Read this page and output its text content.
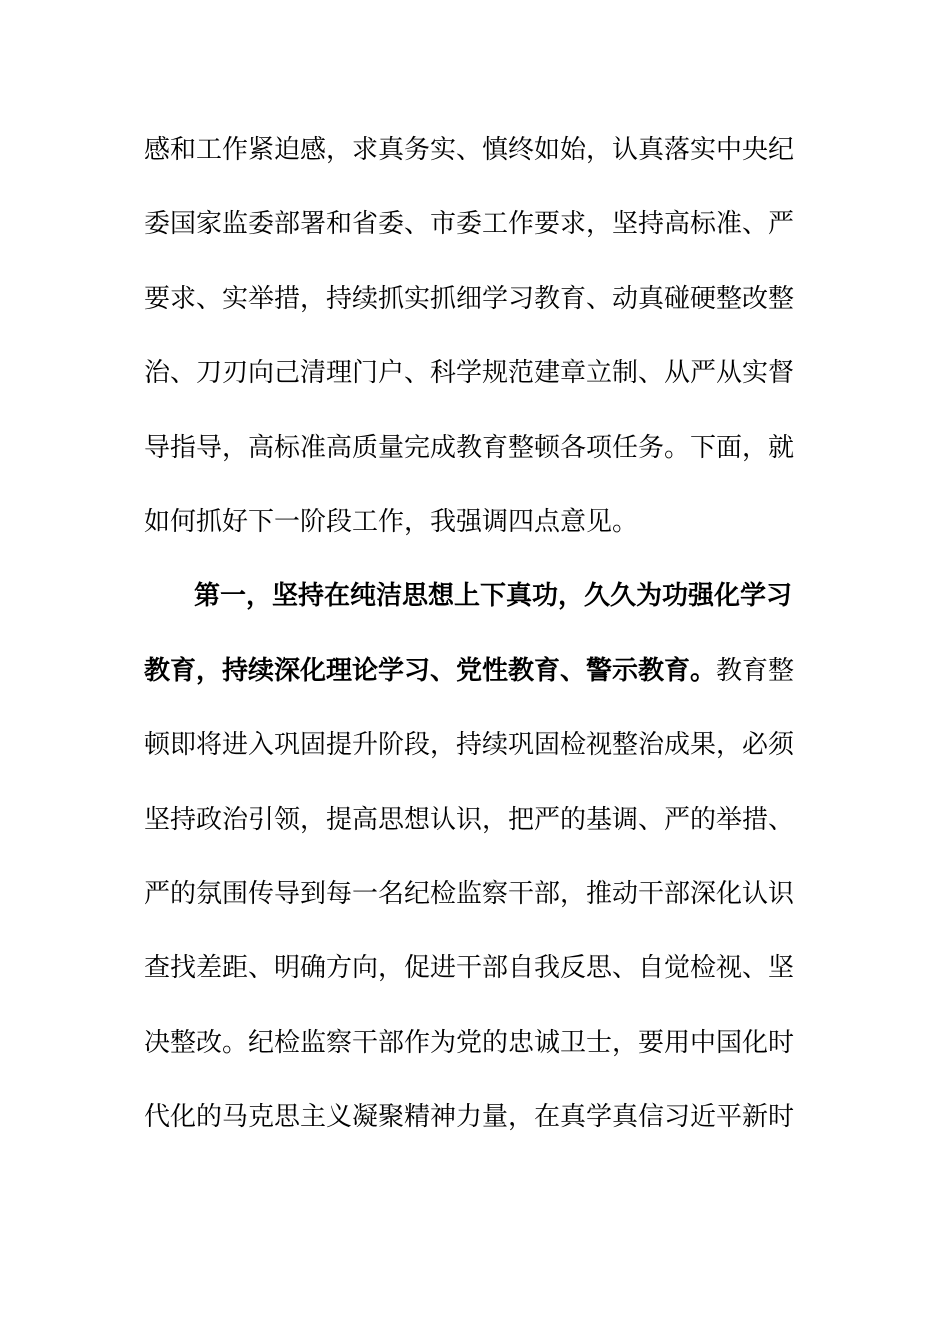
感和工作紧迫感，求真务实、慎终如始，认真落实中央纪
委国家监委部署和省委、市委工作要求，坚持高标准、严
要求、实举措，持续抓实抓细学习教育、动真碰硬整改整
治、刀刃向己清理门户、科学规范建章立制、从严从实督
导指导，高标准高质量完成教育整顿各项任务。下面，就
如何抓好下一阶段工作，我强调四点意见。
第一，坚持在纯洁思想上下真功，久久为功强化学习
教育，持续深化理论学习、党性教育、警示教育。教育整
顿即将进入巩固提升阶段，持续巩固检视整治成果，必须
坚持政治引领，提高思想认识，把严的基调、严的举措、
严的氛围传导到每一名纪检监察干部，推动干部深化认识
查找差距、明确方向，促进干部自我反思、自觉检视、坚
决整改。纪检监察干部作为党的忠诚卫士，要用中国化时
代化的马克思主义凝聚精神力量，在真学真信习近平新时
